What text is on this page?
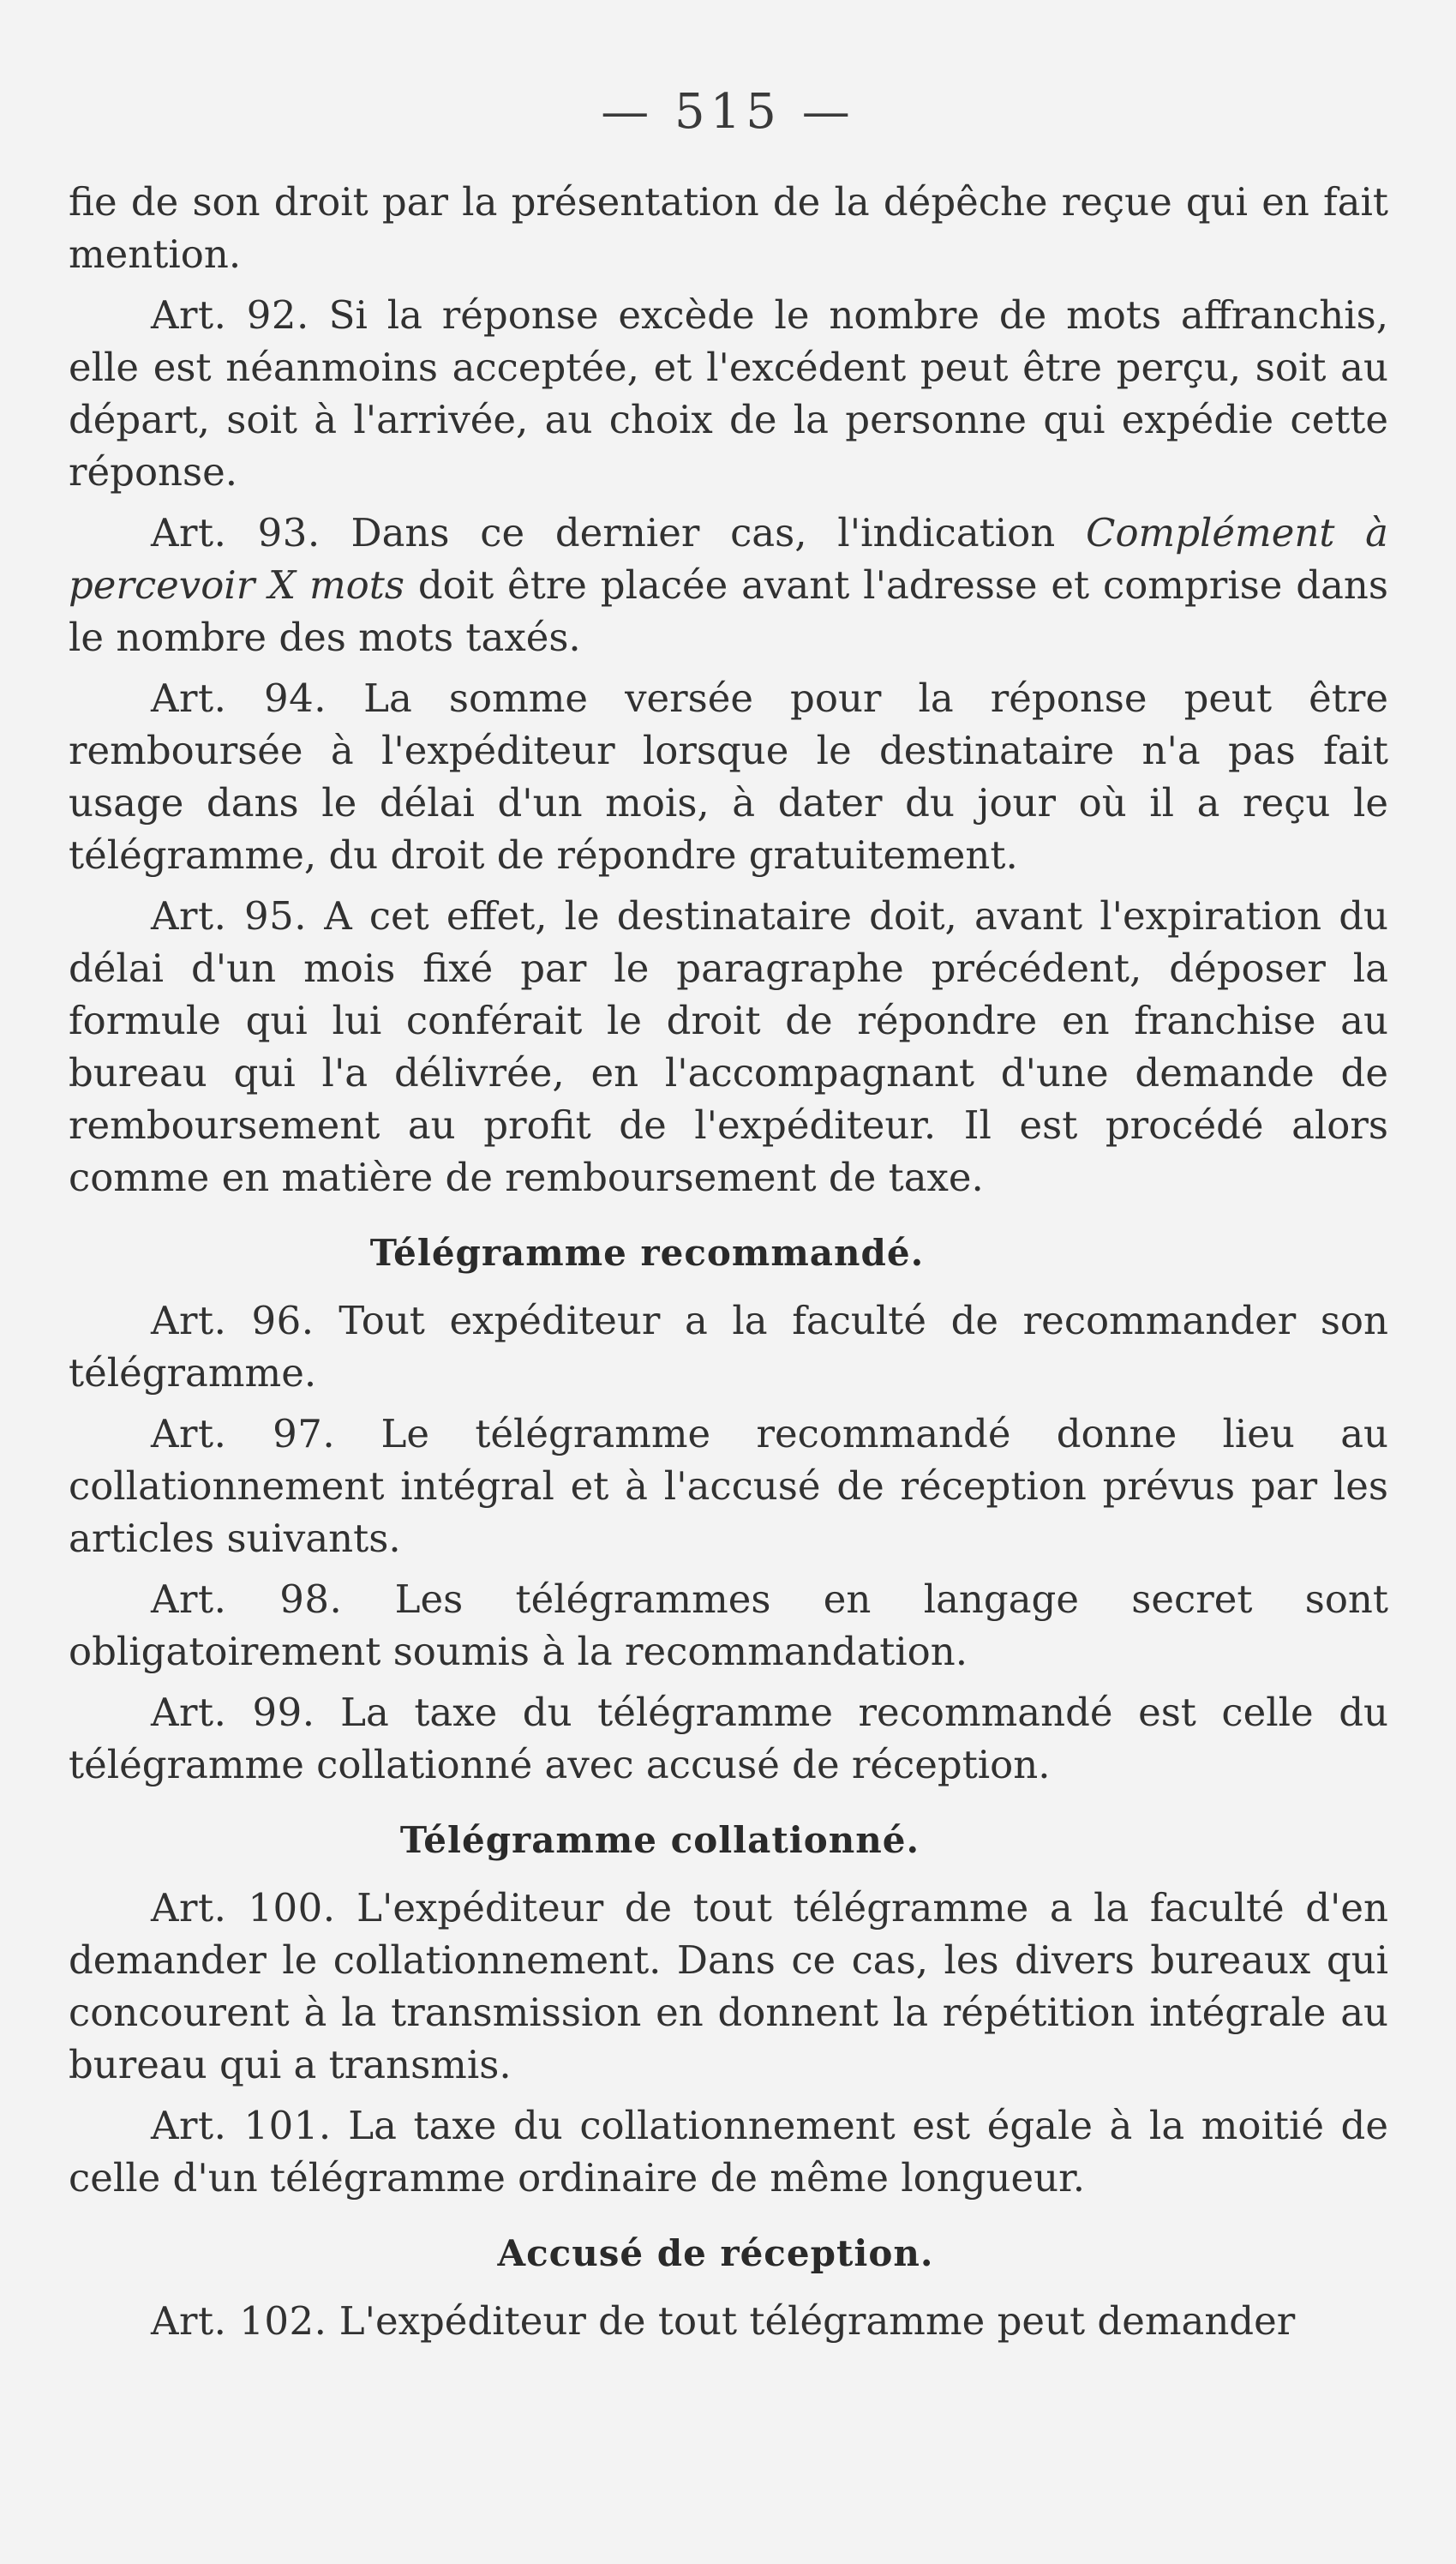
— 515 —

fie de son droit par la présentation de la dépêche reçue qui en fait mention.

Art. 92. Si la réponse excède le nombre de mots affranchis, elle est néanmoins acceptée, et l'excédent peut être perçu, soit au départ, soit à l'arrivée, au choix de la personne qui expédie cette réponse.

Art. 93. Dans ce dernier cas, l'indication Complément à percevoir X mots doit être placée avant l'adresse et comprise dans le nombre des mots taxés.

Art. 94. La somme versée pour la réponse peut être remboursée à l'expéditeur lorsque le destinataire n'a pas fait usage dans le délai d'un mois, à dater du jour où il a reçu le télégramme, du droit de répondre gratuitement.

Art. 95. A cet effet, le destinataire doit, avant l'expiration du délai d'un mois fixé par le paragraphe précédent, déposer la formule qui lui conférait le droit de répondre en franchise au bureau qui l'a délivrée, en l'accompagnant d'une demande de remboursement au profit de l'expéditeur. Il est procédé alors comme en matière de remboursement de taxe.

Télégramme recommandé.

Art. 96. Tout expéditeur a la faculté de recommander son télégramme.

Art. 97. Le télégramme recommandé donne lieu au collationnement intégral et à l'accusé de réception prévus par les articles suivants.

Art. 98. Les télégrammes en langage secret sont obligatoirement soumis à la recommandation.

Art. 99. La taxe du télégramme recommandé est celle du télégramme collationné avec accusé de réception.

Télégramme collationné.

Art. 100. L'expéditeur de tout télégramme a la faculté d'en demander le collationnement. Dans ce cas, les divers bureaux qui concourent à la transmission en donnent la répétition intégrale au bureau qui a transmis.

Art. 101. La taxe du collationnement est égale à la moitié de celle d'un télégramme ordinaire de même longueur.

Accusé de réception.

Art. 102. L'expéditeur de tout télégramme peut demander
